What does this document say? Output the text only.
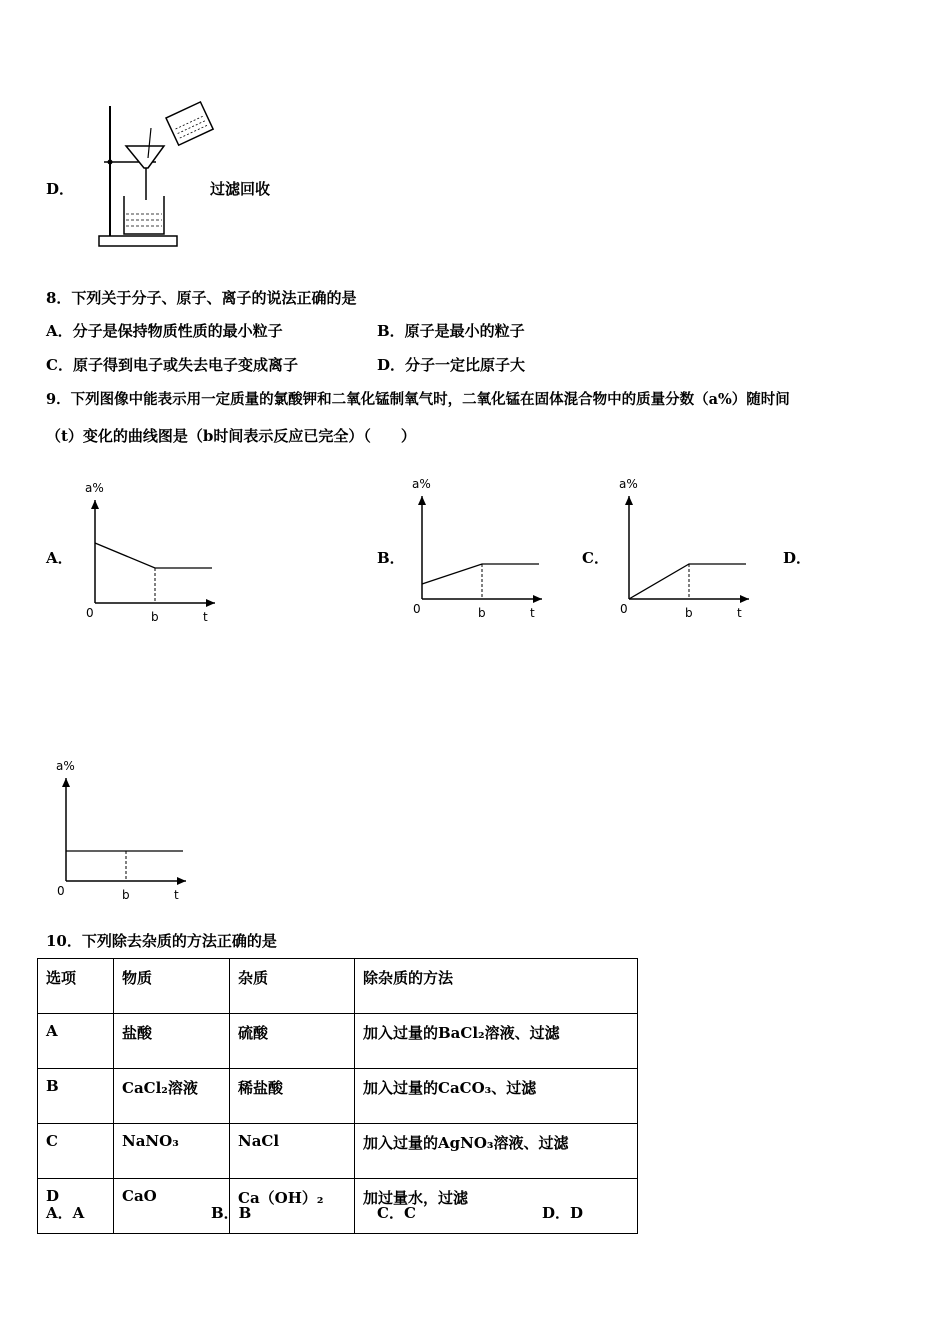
D．	过滤回收
8．下列关于分子、原子、离子的说法正确的是
A．分子是保持物质性质的最小粒子	B．原子是最小的粒子
C．原子得到电子或失去电子变成离子	D．分子一定比原子大
9．下列图像中能表示用一定质量的氯酸钾和二氧化锰制氧气时，二氧化锰在固体混合物中的质量分数（a%）随时间
（t）变化的曲线图是（b时间表示反应已完全）（　　）
A．	B．	C．	D．
a%
0	b	t
a%
0	b	t
a%
0	b	t
a%
0	b	t
10．下列除去杂质的方法正确的是
选项	物质	杂质	除杂质的方法
A	盐酸	硫酸	加入过量的BaCl₂溶液、过滤
B	CaCl₂溶液	稀盐酸	加入过量的CaCO₃、过滤
C	NaNO₃	NaCl	加入过量的AgNO₃溶液、过滤
D	CaO	Ca（OH）₂	加过量水，过滤
A．A	B．B	C．C	D．D
